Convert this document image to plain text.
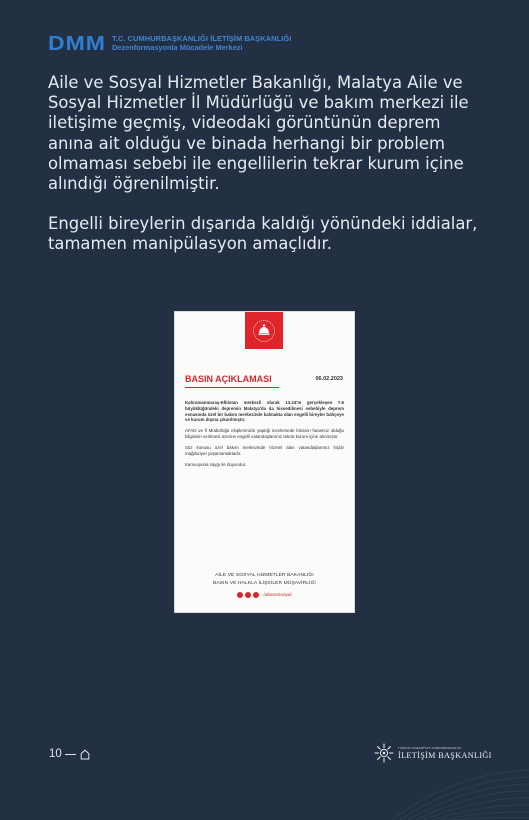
DMM T.C. CUMHURBAŞKANLIĞI İLETİŞİM BAŞKANLIĞI
Dezenformasyonla Mücadele Merkezi

Aile ve Sosyal Hizmetler Bakanlığı, Malatya Aile ve Sosyal Hizmetler İl Müdürlüğü ve bakım merkezi ile iletişime geçmiş, videodaki görüntünün deprem anına ait olduğu ve binada herhangi bir problem olmaması sebebi ile engellilerin tekrar kurum içine alındığı öğrenilmiştir.

Engelli bireylerin dışarıda kaldığı yönündeki iddialar, tamamen manipülasyon amaçlıdır.

BASIN AÇIKLAMASI	06.02.2023

Kahramanmaraş-Elbistan merkezli olarak 13.24'te gerçekleşen 7.6 büyüklüğündeki depremin Malatya'da da hissedilmesi sebebiyle deprem esnasında özel bir bakım merkezinde kalmakta olan engelli bireyler bahçeye ve kurum dışına çıkarılmıştır.

AFAD ve İl Müdürlüğü ekiplerimizin yaptığı incelemede binanın hasarsız olduğu bilgisinin verilmesi üzerine engelli vatandaşlarımız tekrar kurum içine alınmıştır.

Söz konusu özel bakım merkezinde hizmet alan vatandaşlarımız hiçbir mağduriyet yaşamamaktadır.

Kamuoyuna saygı ile duyurulur.

AİLE VE SOSYAL HİZMETLER BAKANLIĞI
BASIN VE HALKLA İLİŞKİLER MÜŞAVİRLİĞİ
/aileveSosyal
10	TÜRKİYE CUMHURİYETİ CUMHURBAŞKANLIĞI
İLETİŞİM BAŞKANLIĞI
